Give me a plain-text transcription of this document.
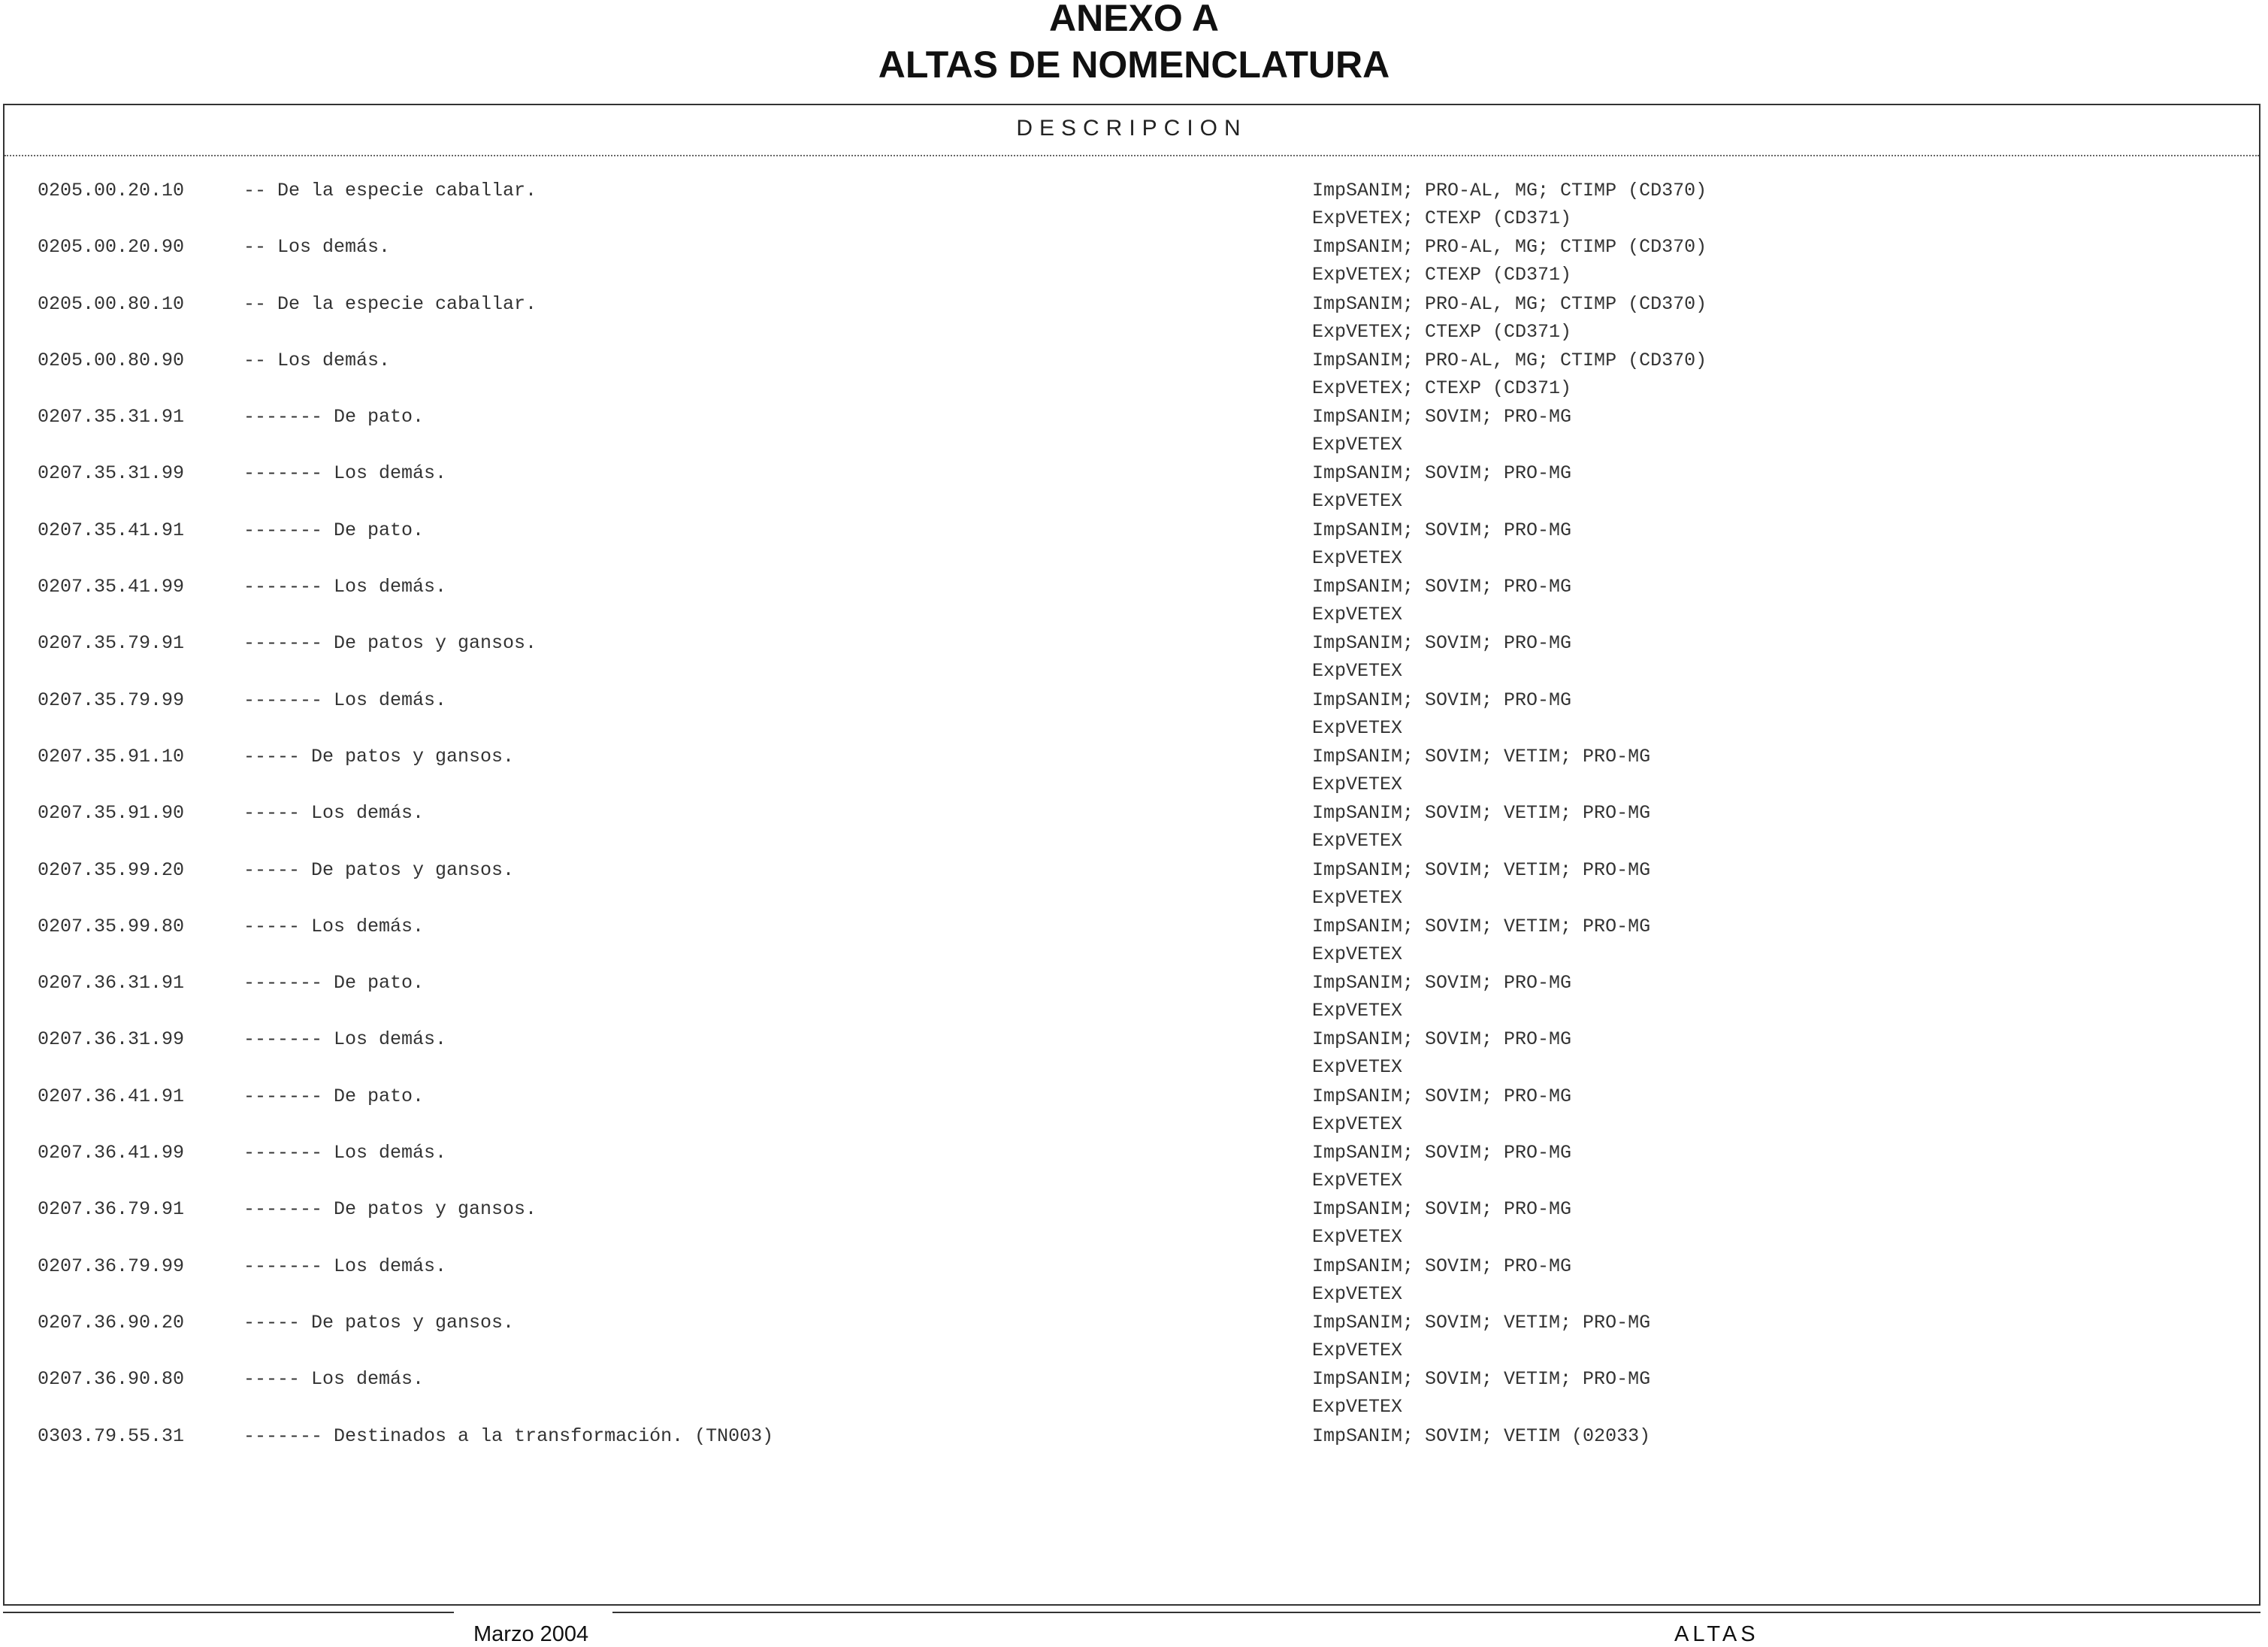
ANEXO A
ALTAS DE NOMENCLATURA
DESCRIPCION
0205.00.20.10	-- De la especie caballar.	ImpSANIM; PRO-AL, MG; CTIMP (CD370)
ExpVETEX; CTEXP (CD371)
0205.00.20.90	-- Los demás.	ImpSANIM; PRO-AL, MG; CTIMP (CD370)
ExpVETEX; CTEXP (CD371)
0205.00.80.10	-- De la especie caballar.	ImpSANIM; PRO-AL, MG; CTIMP (CD370)
ExpVETEX; CTEXP (CD371)
0205.00.80.90	-- Los demás.	ImpSANIM; PRO-AL, MG; CTIMP (CD370)
ExpVETEX; CTEXP (CD371)
0207.35.31.91	------- De pato.	ImpSANIM; SOVIM; PRO-MG
ExpVETEX
0207.35.31.99	------- Los demás.	ImpSANIM; SOVIM; PRO-MG
ExpVETEX
0207.35.41.91	------- De pato.	ImpSANIM; SOVIM; PRO-MG
ExpVETEX
0207.35.41.99	------- Los demás.	ImpSANIM; SOVIM; PRO-MG
ExpVETEX
0207.35.79.91	------- De patos y gansos.	ImpSANIM; SOVIM; PRO-MG
ExpVETEX
0207.35.79.99	------- Los demás.	ImpSANIM; SOVIM; PRO-MG
ExpVETEX
0207.35.91.10	----- De patos y gansos.	ImpSANIM; SOVIM; VETIM; PRO-MG
ExpVETEX
0207.35.91.90	----- Los demás.	ImpSANIM; SOVIM; VETIM; PRO-MG
ExpVETEX
0207.35.99.20	----- De patos y gansos.	ImpSANIM; SOVIM; VETIM; PRO-MG
ExpVETEX
0207.35.99.80	----- Los demás.	ImpSANIM; SOVIM; VETIM; PRO-MG
ExpVETEX
0207.36.31.91	------- De pato.	ImpSANIM; SOVIM; PRO-MG
ExpVETEX
0207.36.31.99	------- Los demás.	ImpSANIM; SOVIM; PRO-MG
ExpVETEX
0207.36.41.91	------- De pato.	ImpSANIM; SOVIM; PRO-MG
ExpVETEX
0207.36.41.99	------- Los demás.	ImpSANIM; SOVIM; PRO-MG
ExpVETEX
0207.36.79.91	------- De patos y gansos.	ImpSANIM; SOVIM; PRO-MG
ExpVETEX
0207.36.79.99	------- Los demás.	ImpSANIM; SOVIM; PRO-MG
ExpVETEX
0207.36.90.20	----- De patos y gansos.	ImpSANIM; SOVIM; VETIM; PRO-MG
ExpVETEX
0207.36.90.80	----- Los demás.	ImpSANIM; SOVIM; VETIM; PRO-MG
ExpVETEX
0303.79.55.31	------- Destinados a la transformación. (TN003)	ImpSANIM; SOVIM; VETIM (02033)
Marzo 2004	ALTAS
